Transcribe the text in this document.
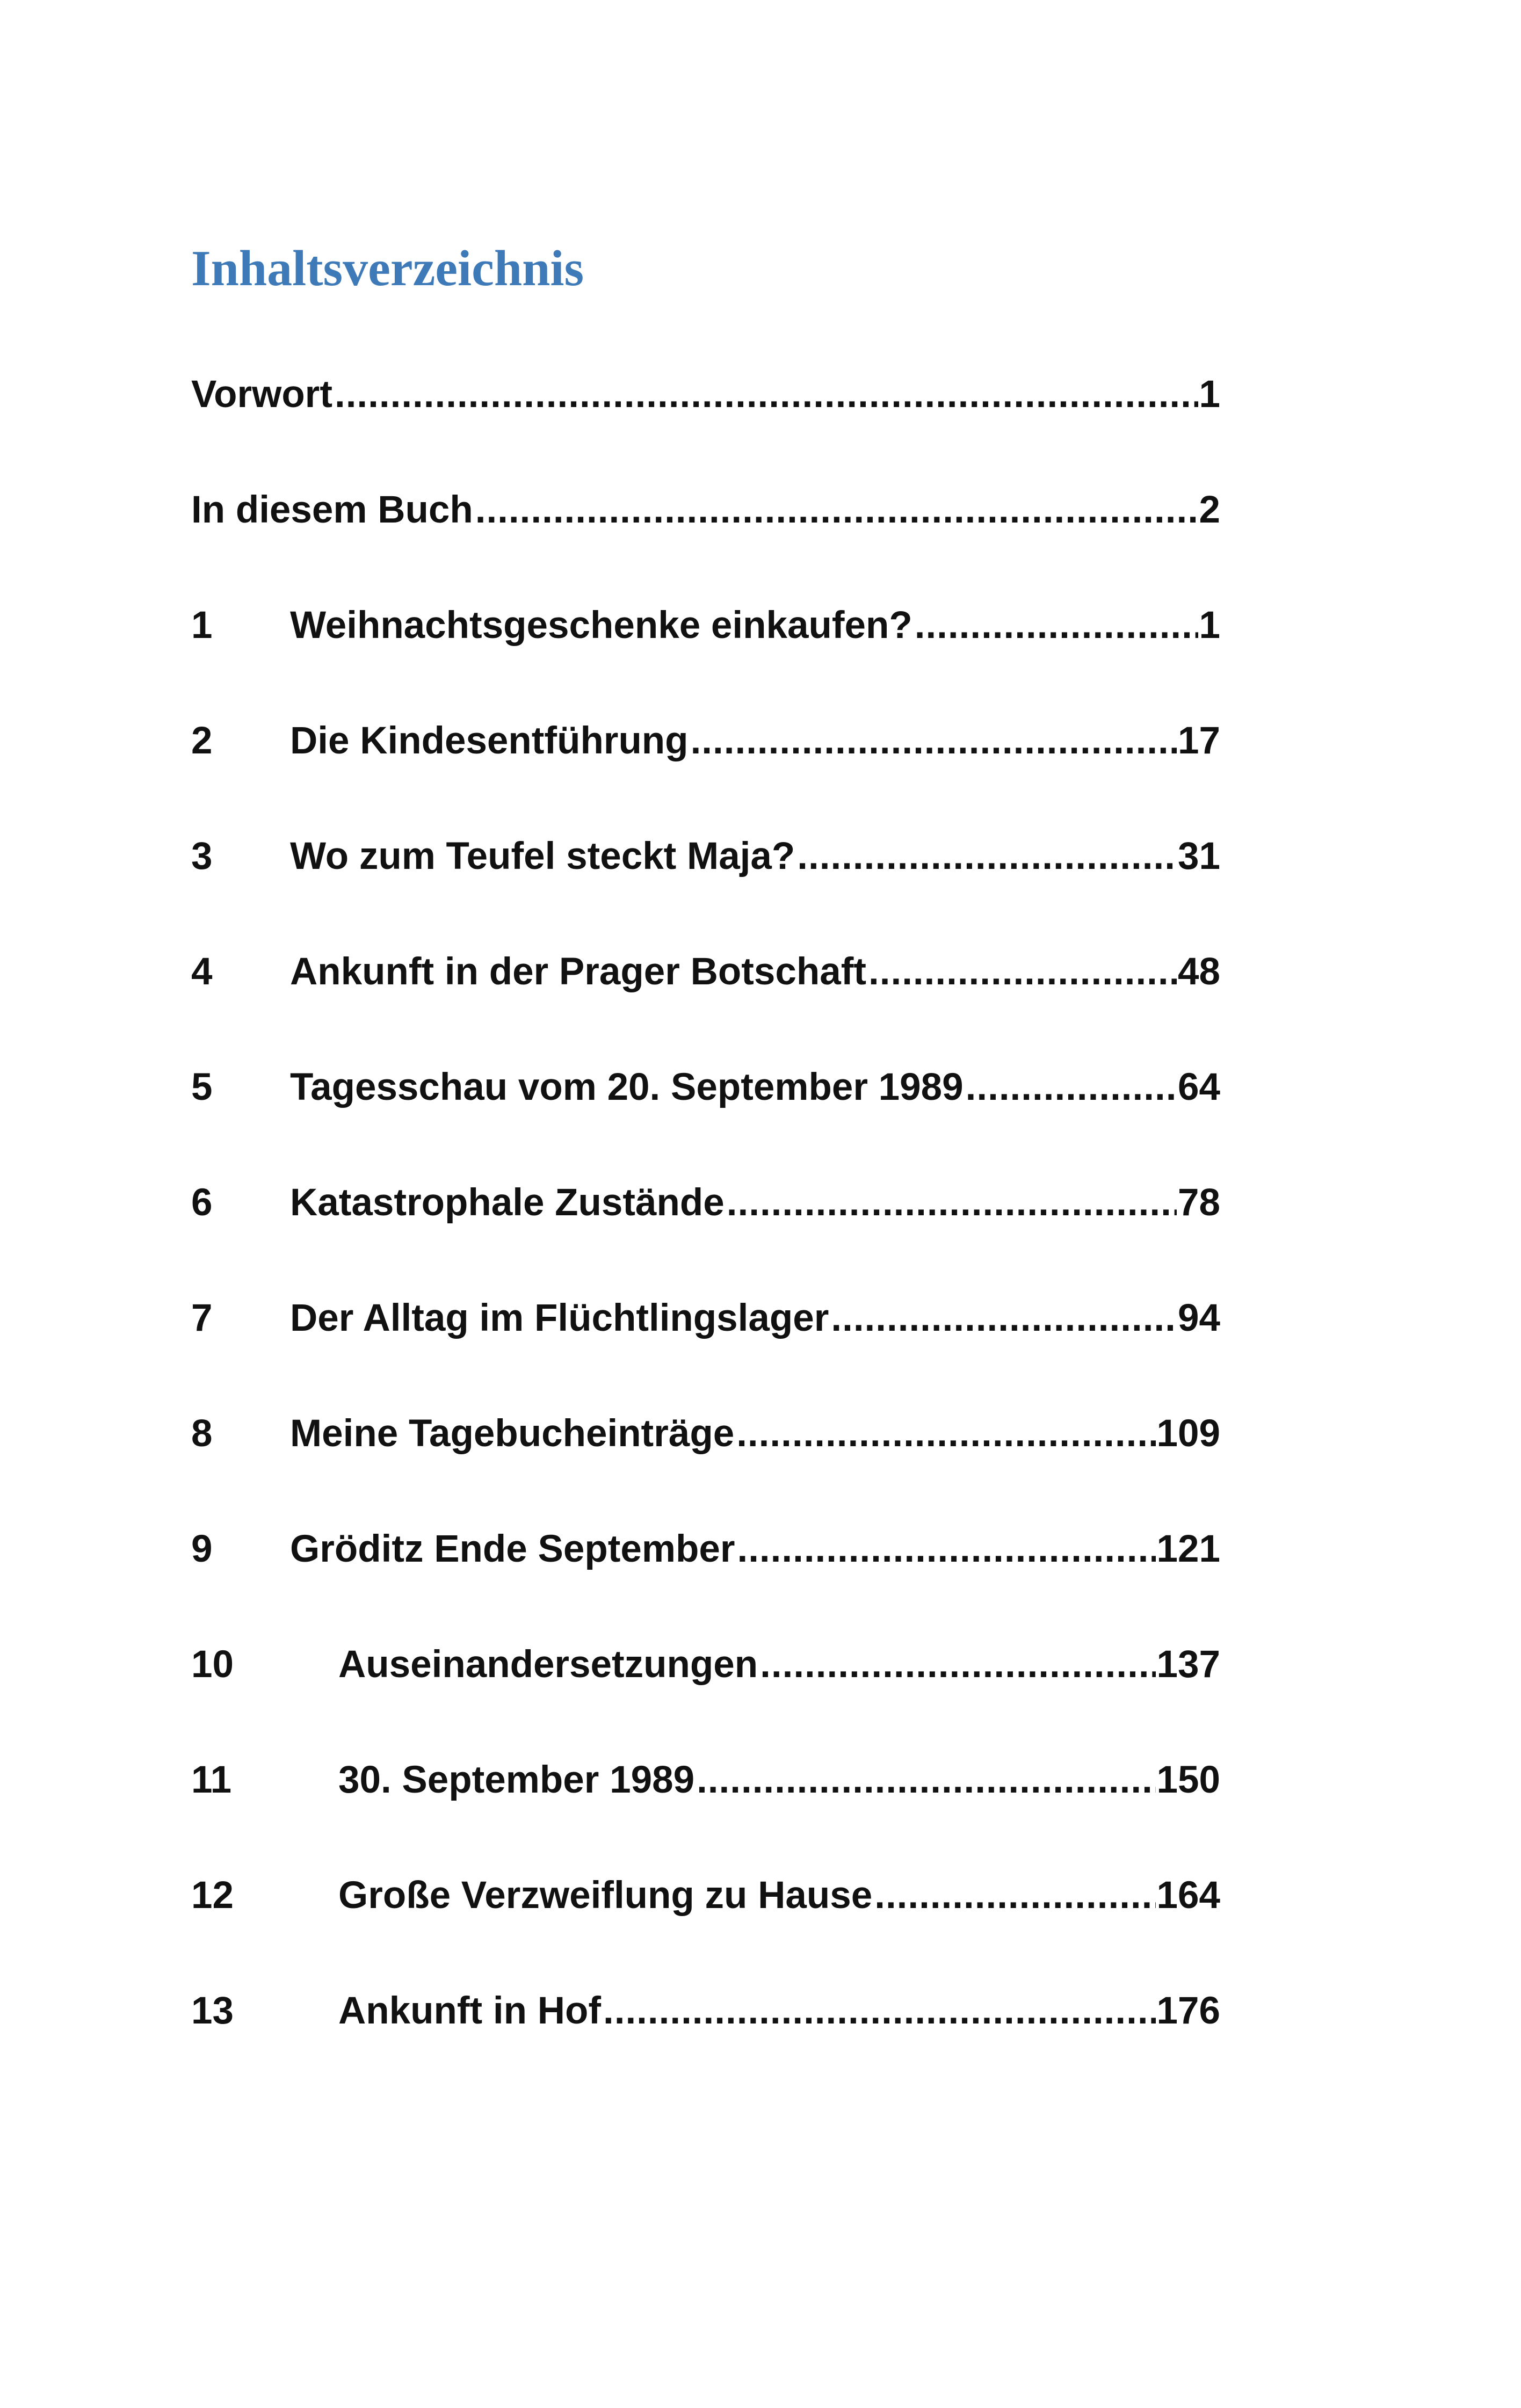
Inhaltsverzeichnis
Vorwort .....	1
In diesem Buch .....	2
1	Weihnachtsgeschenke einkaufen? .....	1
2	Die Kindesentführung .....	17
3	Wo zum Teufel steckt Maja? .....	31
4	Ankunft in der Prager Botschaft .....	48
5	Tagesschau vom 20. September 1989 .....	64
6	Katastrophale Zustände .....	78
7	Der Alltag im Flüchtlingslager .....	94
8	Meine Tagebucheinträge .....	109
9	Gröditz Ende September .....	121
10	Auseinandersetzungen .....	137
11	30. September 1989 .....	150
12	Große Verzweiflung zu Hause .....	164
13	Ankunft in Hof .....	176
